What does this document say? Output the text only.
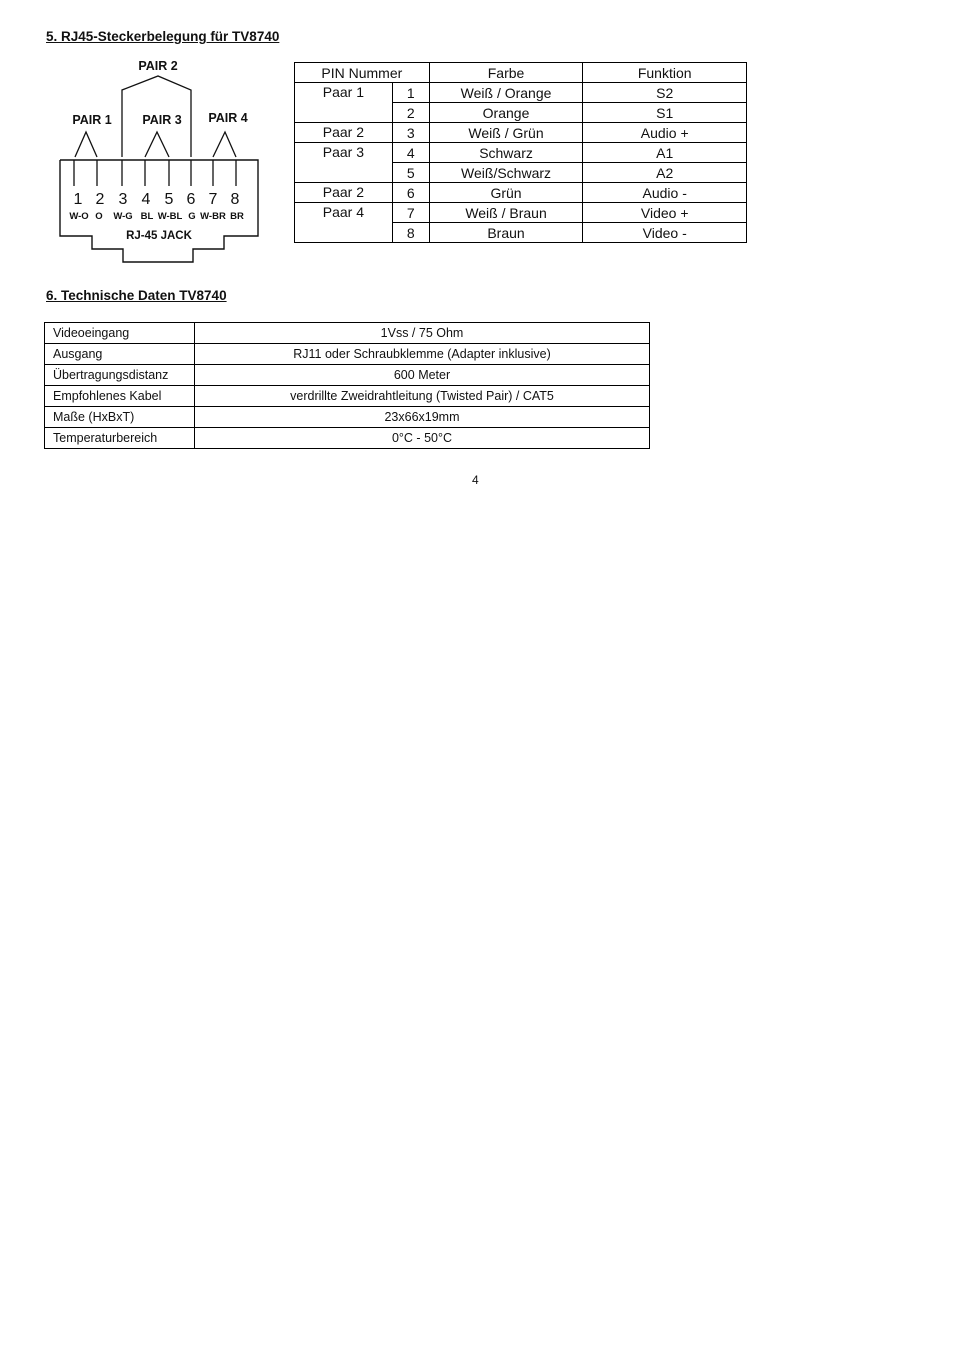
5. RJ45-Steckerbelegung für TV8740
PAIR 1
PAIR 2
PAIR 3 PAIR 4
1 2 3 4 5 6 7 8
W-O O W-G BL W-BL G W-BR BR
RJ-45 JACK
PIN Nummer		Farbe	Funktion
Paar 1	1	Weiß / Orange	S2
	2	Orange	S1
Paar 2	3	Weiß / Grün	Audio +
Paar 3	4	Schwarz	A1
	5	Weiß/Schwarz	A2
Paar 2	6	Grün	Audio -
Paar 4	7	Weiß / Braun	Video +
	8	Braun	Video -
6. Technische Daten TV8740
Videoeingang	1Vss / 75 Ohm
Ausgang	RJ11 oder Schraubklemme (Adapter inklusive)
Übertragungsdistanz	600 Meter
Empfohlenes Kabel	verdrillte Zweidrahtleitung (Twisted Pair) / CAT5
Maße (HxBxT)	23x66x19mm
Temperaturbereich	0°C - 50°C
4
